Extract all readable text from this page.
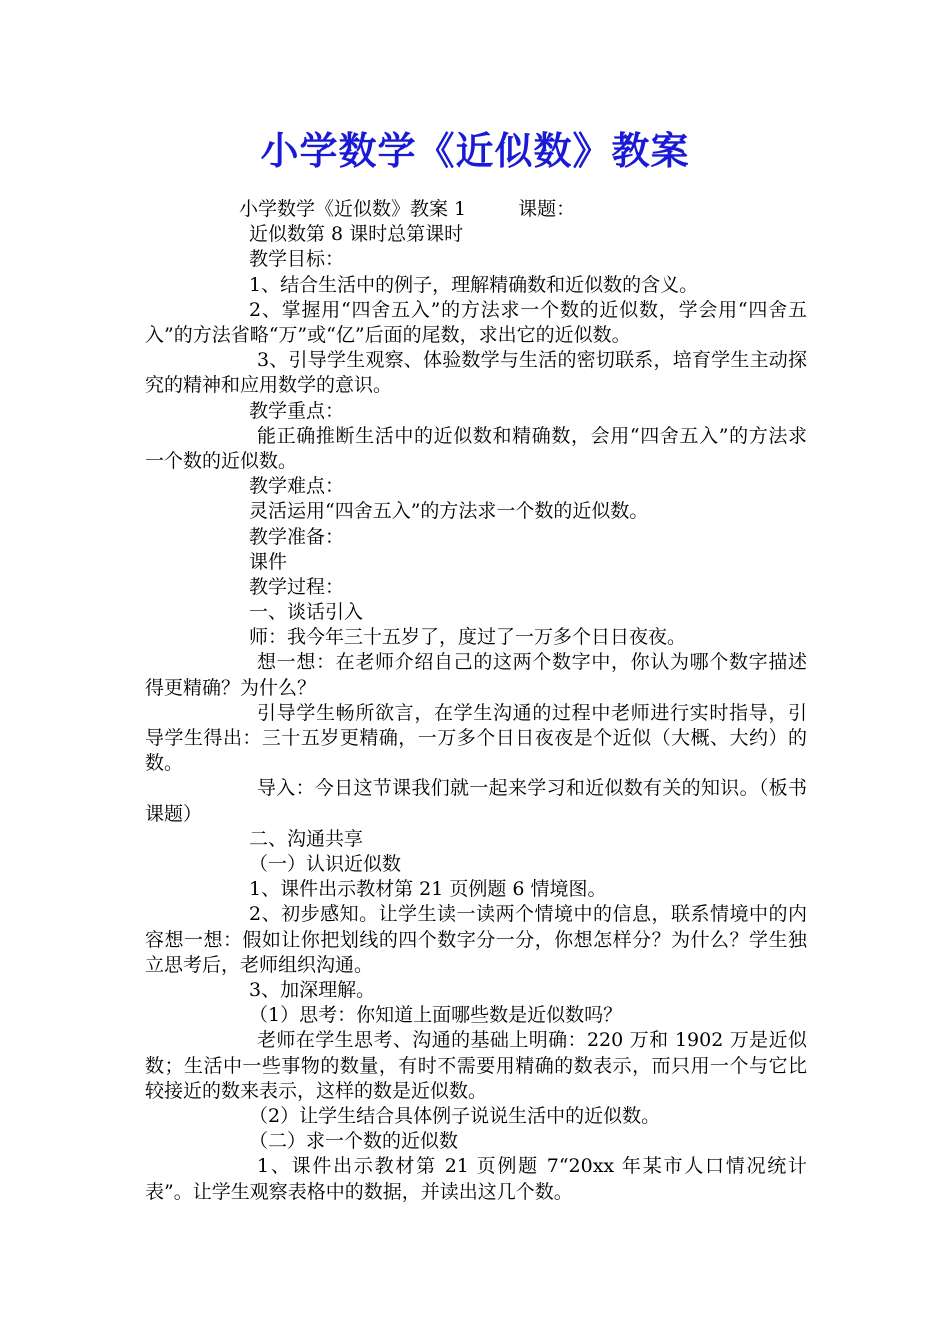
小学数学《近似数》教案
小学数学《近似数》教案 1	课题：
近似数第 8 课时总第课时
教学目标：
1、结合生活中的例子，理解精确数和近似数的含义。
2、掌握用“四舍五入”的方法求一个数的近似数，学会用“四舍五入”的方法省略“万”或“亿”后面的尾数，求出它的近似数。
3、引导学生观察、体验数学与生活的密切联系，培育学生主动探究的精神和应用数学的意识。
教学重点：
能正确推断生活中的近似数和精确数，会用“四舍五入”的方法求一个数的近似数。
教学难点：
灵活运用“四舍五入”的方法求一个数的近似数。
教学准备：
课件
教学过程：
一、谈话引入
师：我今年三十五岁了，度过了一万多个日日夜夜。
想一想：在老师介绍自己的这两个数字中，你认为哪个数字描述得更精确？为什么？
引导学生畅所欲言，在学生沟通的过程中老师进行实时指导，引导学生得出：三十五岁更精确，一万多个日日夜夜是个近似（大概、大约）的数。
导入：今日这节课我们就一起来学习和近似数有关的知识。（板书课题）
二、沟通共享
（一）认识近似数
1、课件出示教材第 21 页例题 6 情境图。
2、初步感知。让学生读一读两个情境中的信息，联系情境中的内容想一想：假如让你把划线的四个数字分一分，你想怎样分？为什么？学生独立思考后，老师组织沟通。
3、加深理解。
（1）思考：你知道上面哪些数是近似数吗？
老师在学生思考、沟通的基础上明确：220 万和 1902 万是近似数；生活中一些事物的数量，有时不需要用精确的数表示，而只用一个与它比较接近的数来表示，这样的数是近似数。
（2）让学生结合具体例子说说生活中的近似数。
（二）求一个数的近似数
1、课件出示教材第 21 页例题 7“20xx 年某市人口情况统计表”。让学生观察表格中的数据，并读出这几个数。
